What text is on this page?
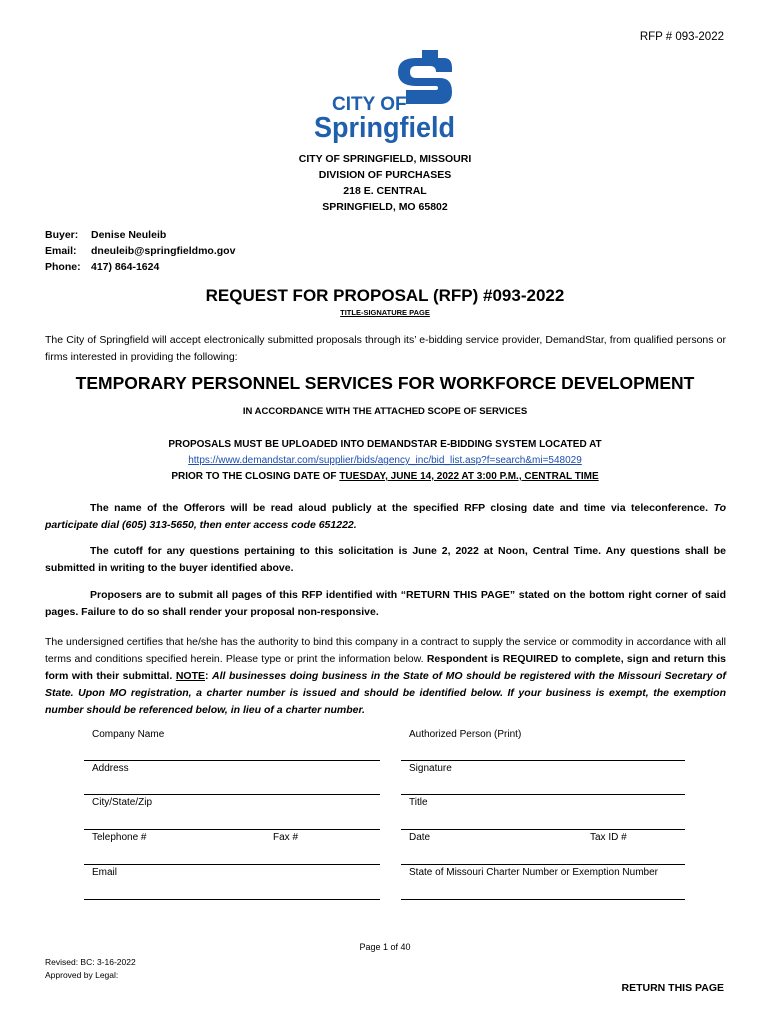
RFP # 093-2022
CITY OF
Springfield
CITY OF SPRINGFIELD, MISSOURI
DIVISION OF PURCHASES
218 E. CENTRAL
SPRINGFIELD, MO 65802
Buyer: Denise Neuleib
Email: dneuleib@springfieldmo.gov
Phone: 417) 864-1624
REQUEST FOR PROPOSAL (RFP) #093-2022
TITLE-SIGNATURE PAGE
The City of Springfield will accept electronically submitted proposals through its’ e-bidding service provider, DemandStar, from qualified persons or firms interested in providing the following:
TEMPORARY PERSONNEL SERVICES FOR WORKFORCE DEVELOPMENT
IN ACCORDANCE WITH THE ATTACHED SCOPE OF SERVICES
PROPOSALS MUST BE UPLOADED INTO DEMANDSTAR E-BIDDING SYSTEM LOCATED AT
https://www.demandstar.com/supplier/bids/agency_inc/bid_list.asp?f=search&mi=548029
PRIOR TO THE CLOSING DATE OF TUESDAY, JUNE 14, 2022 AT 3:00 P.M., CENTRAL TIME
The name of the Offerors will be read aloud publicly at the specified RFP closing date and time via teleconference. To participate dial (605) 313-5650, then enter access code 651222.
The cutoff for any questions pertaining to this solicitation is June 2, 2022 at Noon, Central Time. Any questions shall be submitted in writing to the buyer identified above.
Proposers are to submit all pages of this RFP identified with “RETURN THIS PAGE” stated on the bottom right corner of said pages. Failure to do so shall render your proposal non-responsive.
The undersigned certifies that he/she has the authority to bind this company in a contract to supply the service or commodity in accordance with all terms and conditions specified herein. Please type or print the information below. Respondent is REQUIRED to complete, sign and return this form with their submittal. NOTE: All businesses doing business in the State of MO should be registered with the Missouri Secretary of State. Upon MO registration, a charter number is issued and should be identified below. If your business is exempt, the exemption number should be referenced below, in lieu of a charter number.
Company Name	Authorized Person (Print)
Address	Signature
City/State/Zip	Title
Telephone #	Fax #	Date	Tax ID #
Email	State of Missouri Charter Number or Exemption Number
Page 1 of 40
Revised: BC: 3-16-2022
Approved by Legal:
RETURN THIS PAGE
